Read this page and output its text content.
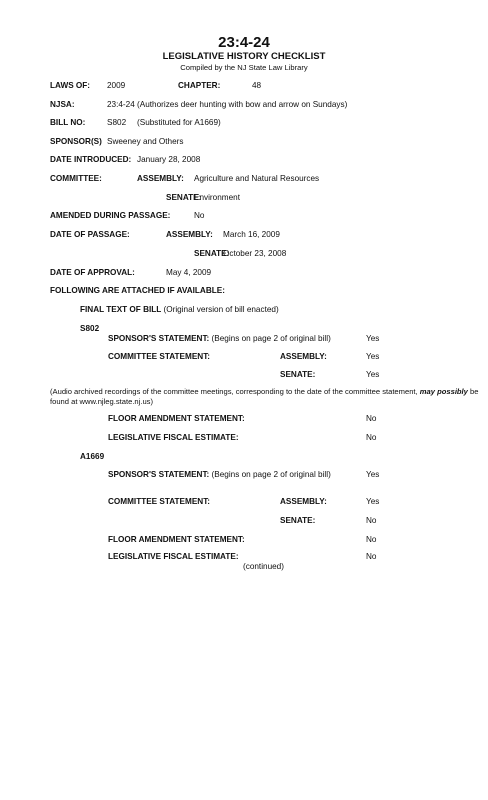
23:4-24
LEGISLATIVE HISTORY CHECKLIST
Compiled by the NJ State Law Library
LAWS OF: 2009	CHAPTER:	48
NJSA:	23:4-24 (Authorizes deer hunting with bow and arrow on Sundays)
BILL NO:	S802 (Substituted for A1669)
SPONSOR(S) Sweeney and Others
DATE INTRODUCED: January 28, 2008
COMMITTEE:	ASSEMBLY: Agriculture and Natural Resources
SENATE:
Environment
AMENDED DURING PASSAGE:	No
DATE OF PASSAGE:	ASSEMBLY: March 16, 2009
SENATE:
October 23, 2008
DATE OF APPROVAL:	May 4, 2009
FOLLOWING ARE ATTACHED IF AVAILABLE:
FINAL TEXT OF BILL (Original version of bill enacted)
S802
SPONSOR'S STATEMENT: (Begins on page 2 of original bill)	Yes
COMMITTEE STATEMENT:	ASSEMBLY:	Yes
SENATE:	Yes
(Audio archived recordings of the committee meetings, corresponding to the date of the committee statement, may possibly be found at www.njleg.state.nj.us)
FLOOR AMENDMENT STATEMENT:	No
LEGISLATIVE FISCAL ESTIMATE:	No
A1669
SPONSOR'S STATEMENT: (Begins on page 2 of original bill)	Yes
COMMITTEE STATEMENT:	ASSEMBLY:	Yes
SENATE:	No
FLOOR AMENDMENT STATEMENT:	No
LEGISLATIVE FISCAL ESTIMATE:	No
(continued)
